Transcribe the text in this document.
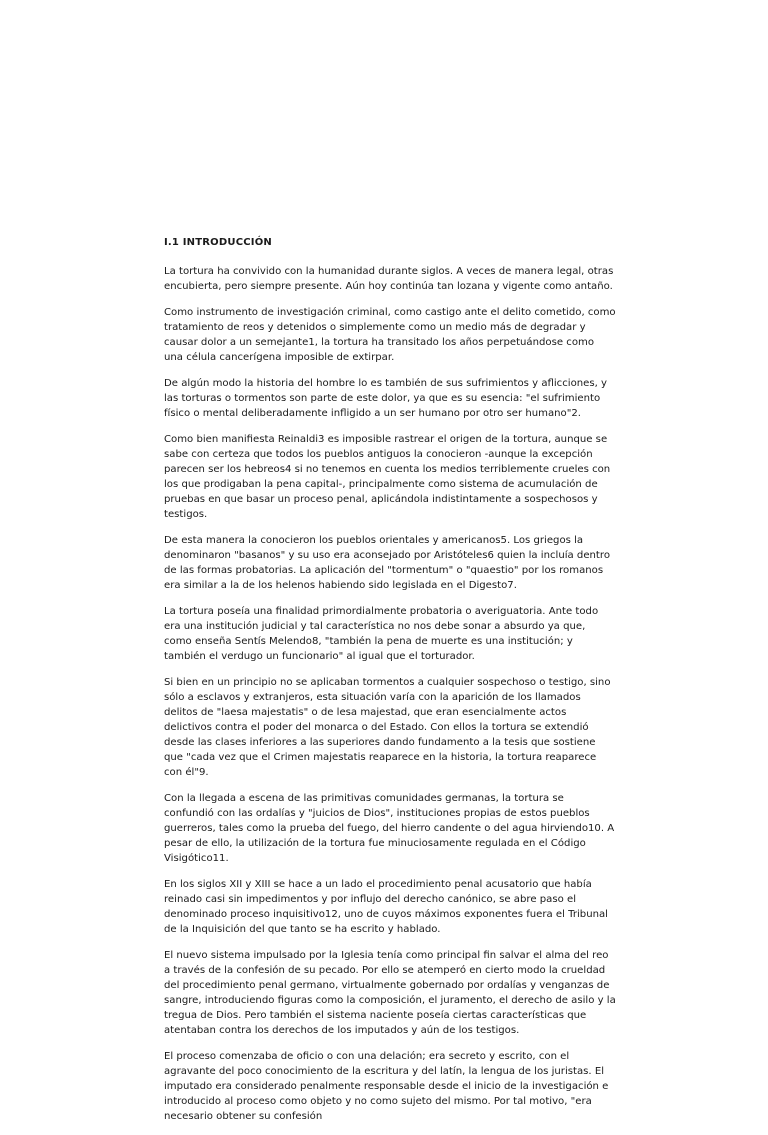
I.1 INTRODUCCIÓN

La tortura ha convivido con la humanidad durante siglos. A veces de manera legal, otras encubierta, pero siempre presente. Aún hoy continúa tan lozana y vigente como antaño.

Como instrumento de investigación criminal, como castigo ante el delito cometido, como tratamiento de reos y detenidos o simplemente como un medio más de degradar y causar dolor a un semejante1, la tortura ha transitado los años perpetuándose como una célula cancerígena imposible de extirpar.

De algún modo la historia del hombre lo es también de sus sufrimientos y aflicciones, y las torturas o tormentos son parte de este dolor, ya que es su esencia: "el sufrimiento físico o mental deliberadamente infligido a un ser humano por otro ser humano"2.

Como bien manifiesta Reinaldi3 es imposible rastrear el origen de la tortura, aunque se sabe con certeza que todos los pueblos antiguos la conocieron -aunque la excepción parecen ser los hebreos4 si no tenemos en cuenta los medios terriblemente crueles con los que prodigaban la pena capital-, principalmente como sistema de acumulación de pruebas en que basar un proceso penal, aplicándola indistintamente a sospechosos y testigos.

De esta manera la conocieron los pueblos orientales y americanos5. Los griegos la denominaron "basanos" y su uso era aconsejado por Aristóteles6 quien la incluía dentro de las formas probatorias. La aplicación del "tormentum" o "quaestio" por los romanos era similar a la de los helenos habiendo sido legislada en el Digesto7.

La tortura poseía una finalidad primordialmente probatoria o averiguatoria. Ante todo era una institución judicial y tal característica no nos debe sonar a absurdo ya que, como enseña Sentís Melendo8, "también la pena de muerte es una institución; y también el verdugo un funcionario" al igual que el torturador.

Si bien en un principio no se aplicaban tormentos a cualquier sospechoso o testigo, sino sólo a esclavos y extranjeros, esta situación varía con la aparición de los llamados delitos de "laesa majestatis" o de lesa majestad, que eran esencialmente actos delictivos contra el poder del monarca o del Estado. Con ellos la tortura se extendió desde las clases inferiores a las superiores dando fundamento a la tesis que sostiene que "cada vez que el Crimen majestatis reaparece en la historia, la tortura reaparece con él"9.

Con la llegada a escena de las primitivas comunidades germanas, la tortura se confundió con las ordalías y "juicios de Dios", instituciones propias de estos pueblos guerreros, tales como la prueba del fuego, del hierro candente o del agua hirviendo10. A pesar de ello, la utilización de la tortura fue minuciosamente regulada en el Código Visigótico11.

En los siglos XII y XIII se hace a un lado el procedimiento penal acusatorio que había reinado casi sin impedimentos y por influjo del derecho canónico, se abre paso el denominado proceso inquisitivo12, uno de cuyos máximos exponentes fuera el Tribunal de la Inquisición del que tanto se ha escrito y hablado.

El nuevo sistema impulsado por la Iglesia tenía como principal fin salvar el alma del reo a través de la confesión de su pecado. Por ello se atemperó en cierto modo la crueldad del procedimiento penal germano, virtualmente gobernado por ordalías y venganzas de sangre, introduciendo figuras como la composición, el juramento, el derecho de asilo y la tregua de Dios. Pero también el sistema naciente poseía ciertas características que atentaban contra los derechos de los imputados y aún de los testigos.

El proceso comenzaba de oficio o con una delación; era secreto y escrito, con el agravante del poco conocimiento de la escritura y del latín, la lengua de los juristas. El imputado era considerado penalmente responsable desde el inicio de la investigación e introducido al proceso como objeto y no como sujeto del mismo. Por tal motivo, "era necesario obtener su confesión
